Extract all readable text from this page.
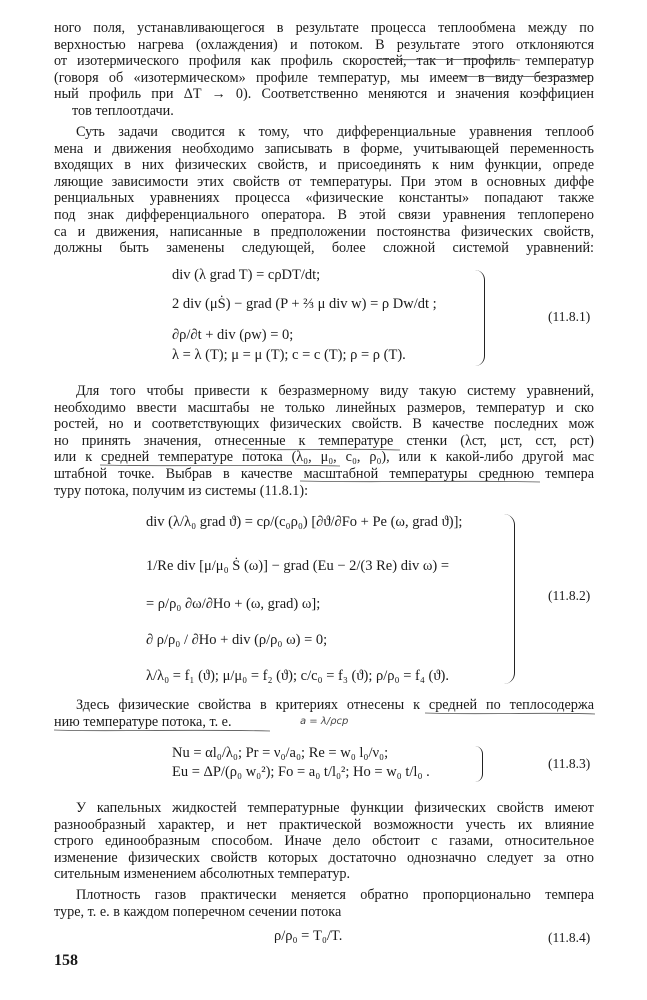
ного поля, устанавливающегося в результате процесса теплообмена между по

верхностью нагрева (охлаждения) и потоком. В результате этого отклоняются

от изотермического профиля как профиль скоростей, так и профиль температур

(говоря об «изотермическом» профиле температур, мы имеем в виду безразмер

ный профиль при ΔT → 0). Соответственно меняются и значения коэффициен

тов теплоотдачи.

Суть задачи сводится к тому, что дифференциальные уравнения теплооб

мена и движения необходимо записывать в форме, учитывающей переменность

входящих в них физических свойств, и присоединять к ним функции, опреде

ляющие зависимости этих свойств от температуры. При этом в основных диффе

ренциальных уравнениях процесса «физические константы» попадают также

под знак дифференциального оператора. В этой связи уравнения теплоперено

са и движения, написанные в предположении постоянства физических свойств,

должны быть заменены следующей, более сложной системой уравнений:

div (λ grad T) = cρDT/dt;
2 div (μṠ) − grad (P + ⅔ μ div w) = ρ Dw/dt ;
∂ρ/∂t + div (ρw) = 0;
λ = λ (T); μ = μ (T); c = c (T); ρ = ρ (T).
(11.8.1)

Для того чтобы привести к безразмерному виду такую систему уравнений,

необходимо ввести масштабы не только линейных размеров, температур и ско

ростей, но и соответствующих физических свойств. В качестве последних мож

но принять значения, отнесенные к температуре стенки (λст, μст, cст, ρст)

или к средней температуре потока (λ₀, μ₀, c₀, ρ₀), или к какой-либо другой мас

штабной точке. Выбрав в качестве масштабной температуры среднюю темпера

туру потока, получим из системы (11.8.1):

div (λ/λ₀ grad ϑ) = cρ/(c₀ρ₀) [∂ϑ/∂Fo + Pe (ω, grad ϑ)];
1/Re div [μ/μ₀ Ṡ (ω)] − grad (Eu − 2/(3 Re) div ω) =
= ρ/ρ₀ ∂ω/∂Ho + (ω, grad) ω];
∂ ρ/ρ₀ / ∂Ho + div (ρ/ρ₀ ω) = 0;
λ/λ₀ = f₁ (ϑ); μ/μ₀ = f₂ (ϑ); c/c₀ = f₃ (ϑ); ρ/ρ₀ = f₄ (ϑ).
(11.8.2)

Здесь физические свойства в критериях отнесены к средней по теплосодержа

нию температуре потока, т. е.	a = λ/ρcp
Nu = αl₀/λ₀; Pr = ν₀/a₀; Re = w₀ l₀/ν₀;
Eu = ΔP/(ρ₀ w₀²); Fo = a₀ t/l₀²; Ho = w₀ t/l₀ .
(11.8.3)

У капельных жидкостей температурные функции физических свойств имеют

разнообразный характер, и нет практической возможности учесть их влияние

строго единообразным способом. Иначе дело обстоит с газами, относительное

изменение физических свойств которых достаточно однозначно следует за отно

сительным изменением абсолютных температур.

Плотность газов практически меняется обратно пропорционально темпера

туре, т. е. в каждом поперечном сечении потока

ρ/ρ₀ = T₀/T.	(11.8.4)
158
